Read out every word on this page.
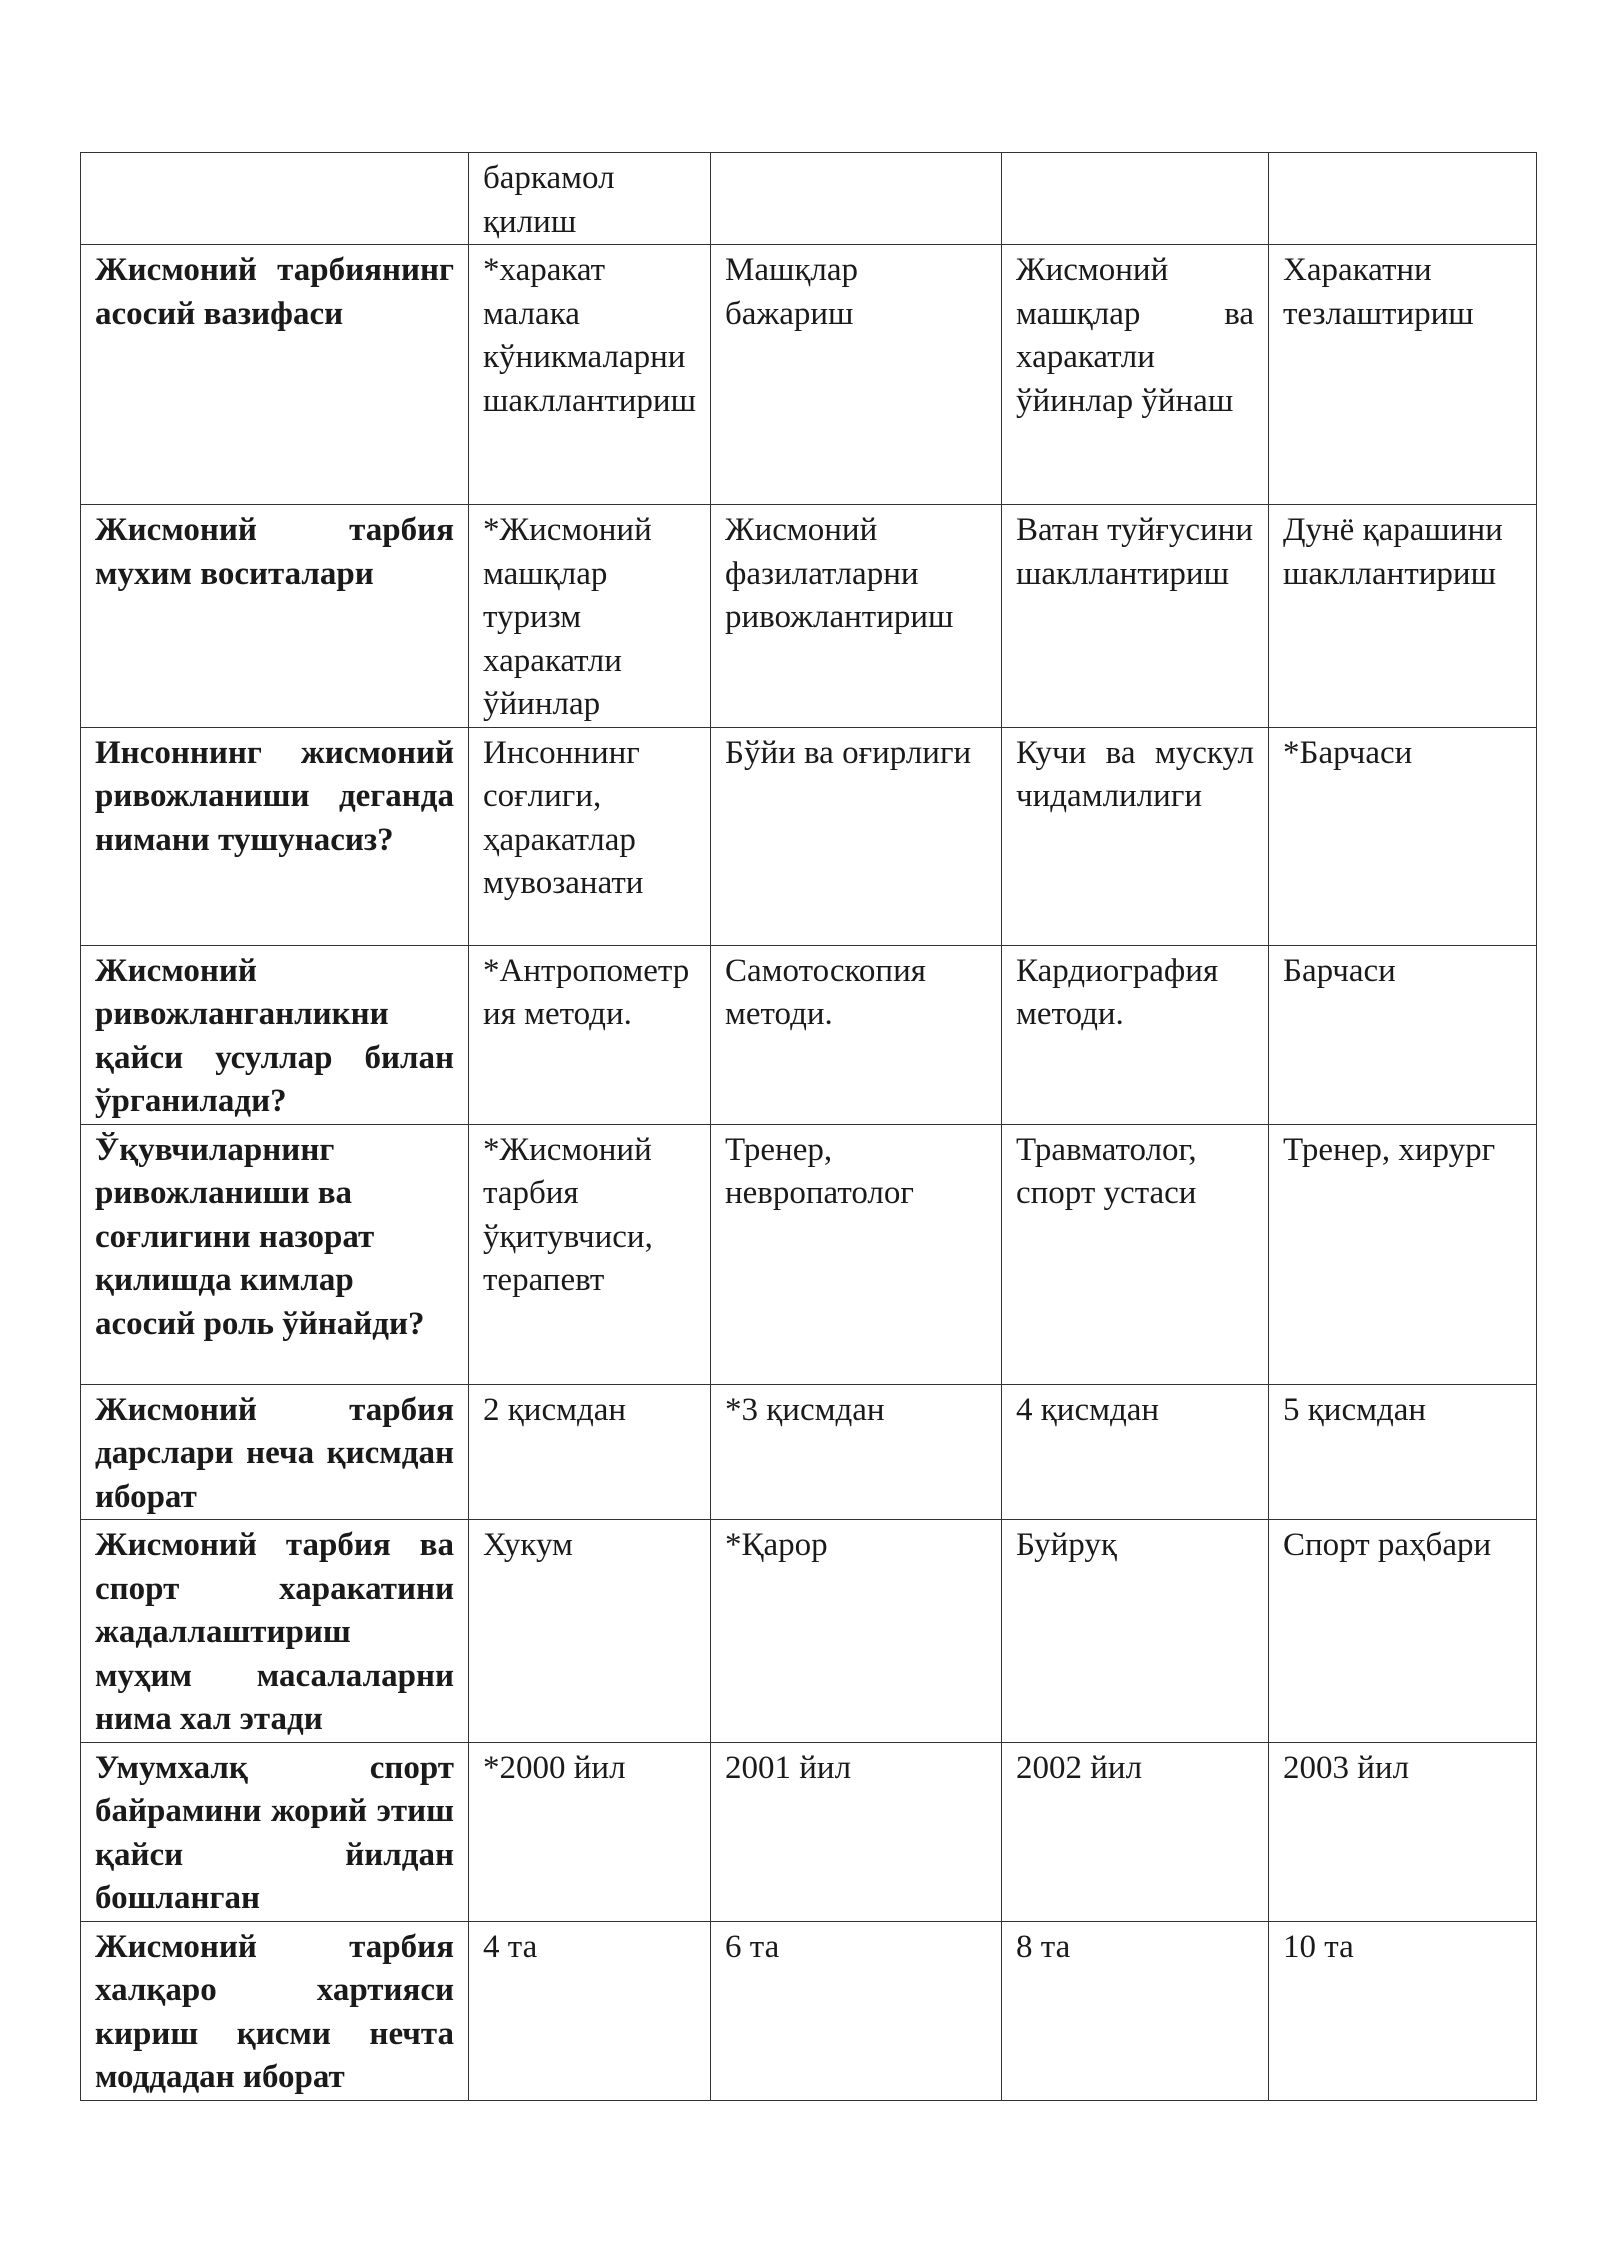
	баркамол қилиш			
Жисмоний тарбиянинг асосий вазифаси	*харакат малака кўникмаларни шакллантириш	Машқлар бажариш	Жисмоний машқлар ва харакатли ўйинлар ўйнаш	Харакатни тезлаштириш
Жисмоний тарбия мухим воситалари	*Жисмоний машқлар туризм харакатли ўйинлар	Жисмоний фазилатларни ривожлантириш	Ватан туйғусини шакллантириш	Дунё қарашини шакллантириш
Инсоннинг жисмоний ривожланиши деганда нимани тушунасиз?	Инсоннинг соғлиги, ҳаракатлар мувозанати	Бўйи ва оғирлиги	Кучи ва мускул чидамлилиги	*Барчаси
Жисмоний ривожланганликни қайси усуллар билан ўрганилади?	*Антропометрия методи.	Самотоскопия методи.	Кардиография методи.	Барчаси
Ўқувчиларнинг ривожланиши ва соғлигини назорат қилишда кимлар асосий роль ўйнайди?	*Жисмоний тарбия ўқитувчиси, терапевт	Тренер, невропатолог	Травматолог, спорт устаси	Тренер, хирург
Жисмоний тарбия дарслари неча қисмдан иборат	2 қисмдан	*3 қисмдан	4 қисмдан	5 қисмдан
Жисмоний тарбия ва спорт харакатини жадаллаштириш муҳим масалаларни нима хал этади	Хукум	*Қарор	Буйруқ	Спорт раҳбари
Умумхалқ спорт байрамини жорий этиш қайси йилдан бошланган	*2000 йил	2001 йил	2002 йил	2003 йил
Жисмоний тарбия халқаро хартияси кириш қисми нечта моддадан иборат	4 та	6 та	8 та	10 та
